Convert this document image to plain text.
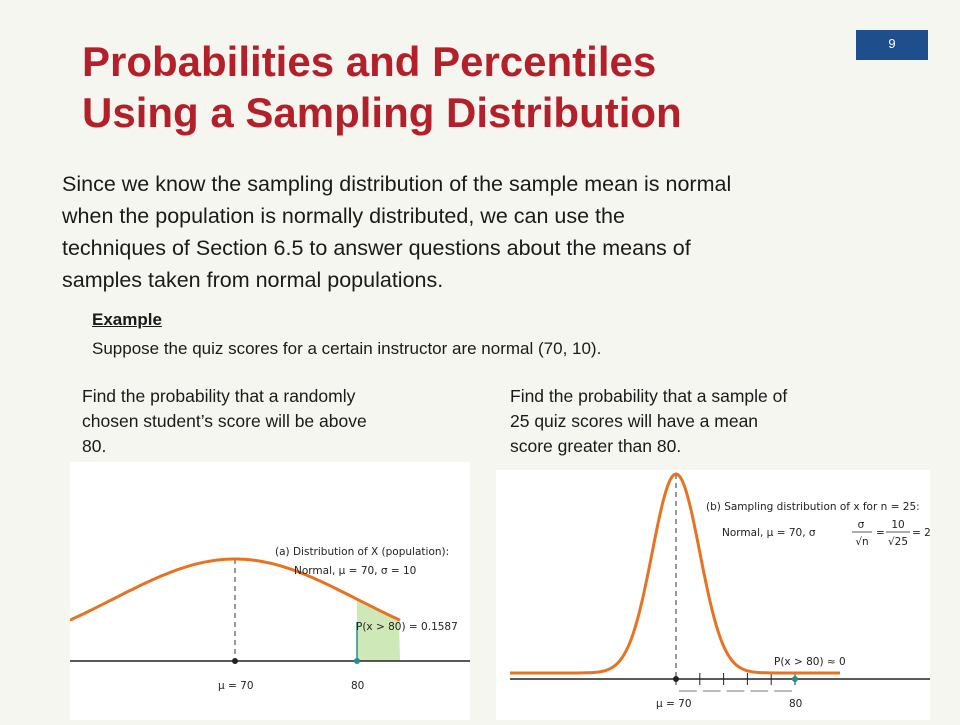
Probabilities and Percentiles
Using a Sampling Distribution
9

Since we know the sampling distribution of the sample mean is normal
when the population is normally distributed, we can use the
techniques of Section 6.5 to answer questions about the means of
samples taken from normal populations.

Example

Suppose the quiz scores for a certain instructor are normal (70, 10).

Find the probability that a randomly
chosen student’s score will be above
80.

Find the probability that a sample of
25 quiz scores will have a mean
score greater than 80.

(a) Distribution of X (population):
Normal, μ = 70, σ = 10
P(x > 80) = 0.1587
μ = 70	80
(b) Sampling distribution of x for n = 25:
Normal, μ = 70, σ
σ
√n
=
10
√25
= 2
P(x > 80) ≈ 0
μ = 70	80
